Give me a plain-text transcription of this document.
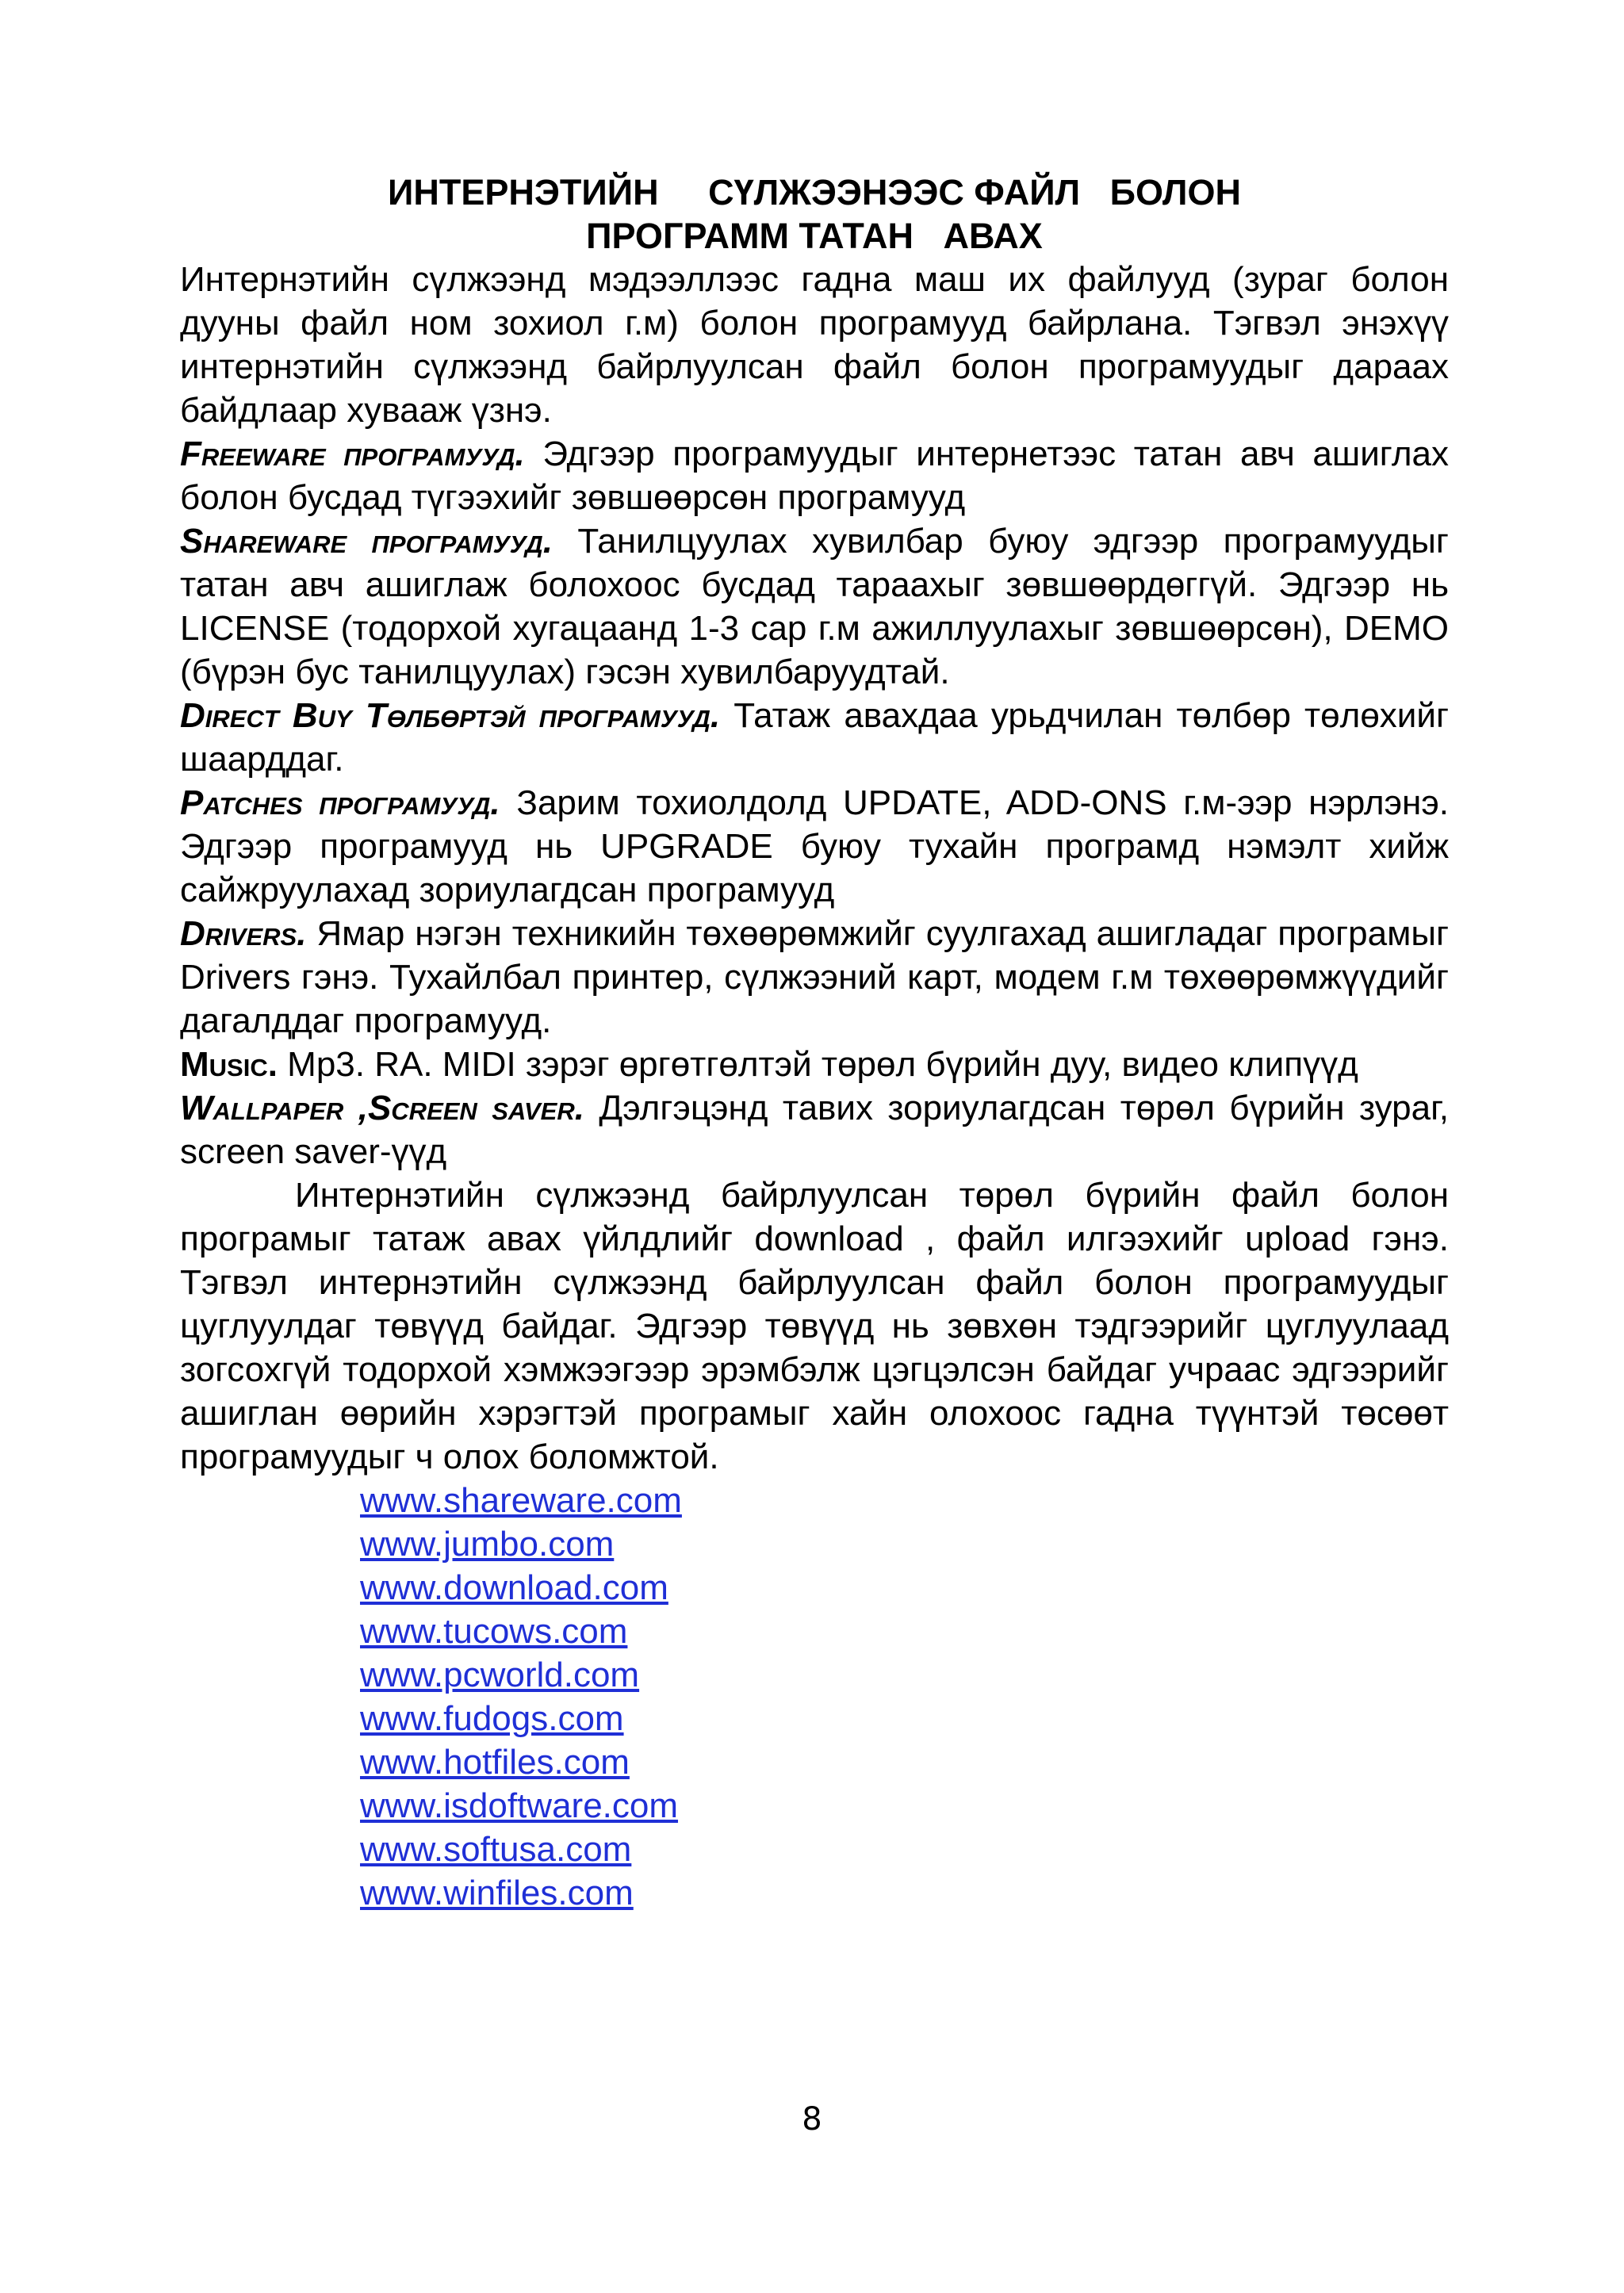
ИНТЕРНЭТИЙН     СҮЛЖЭЭНЭЭС ФАЙЛ   БОЛОН

ПРОГРАММ ТАТАН   АВАХ

Интернэтийн сүлжээнд мэдээллээс гадна маш их файлууд (зураг болон дууны файл ном зохиол г.м) болон програмууд байрлана. Тэгвэл энэхүү интернэтийн сүлжээнд байрлуулсан файл болон програмуудыг дараах байдлаар хувааж үзнэ.

Freeware програмууд. Эдгээр програмуудыг интернетээс татан авч ашиглах болон бусдад түгээхийг зөвшөөрсөн програмууд

Shareware програмууд. Танилцуулах хувилбар буюу эдгээр програмуудыг татан авч ашиглаж болохоос бусдад тараахыг зөвшөөрдөггүй. Эдгээр нь LICENSE (тодорхой хугацаанд 1-3 сар г.м ажиллуулахыг зөвшөөрсөн), DEMO (бүрэн бус танилцуулах) гэсэн хувилбаруудтай.

Direct Buy Төлбөртэй програмууд. Татаж авахдаа урьдчилан төлбөр төлөхийг шаарддаг.

Patches програмууд. Зарим тохиолдолд UPDATE, ADD-ONS г.м-ээр нэрлэнэ. Эдгээр програмууд нь UPGRADE буюу тухайн програмд нэмэлт хийж сайжруулахад зориулагдсан програмууд

Drivers. Ямар нэгэн техникийн төхөөрөмжийг суулгахад ашигладаг програмыг Drivers гэнэ. Тухайлбал принтер, сүлжээний карт, модем г.м төхөөрөмжүүдийг дагалддаг програмууд.

Music. Mp3. RA. MIDI зэрэг өргөтгөлтэй төрөл бүрийн дуу, видео клипүүд

Wallpaper ,Screen saver. Дэлгэцэнд тавих зориулагдсан төрөл бүрийн зураг, screen saver-үүд

Интернэтийн сүлжээнд байрлуулсан төрөл бүрийн файл болон програмыг татаж авах үйлдлийг download , файл илгээхийг upload гэнэ. Тэгвэл интернэтийн сүлжээнд байрлуулсан файл болон програмуудыг цуглуулдаг төвүүд байдаг. Эдгээр төвүүд нь зөвхөн тэдгээрийг цуглуулаад зогсохгүй тодорхой хэмжээгээр эрэмбэлж цэгцэлсэн байдаг учраас эдгээрийг ашиглан өөрийн хэрэгтэй програмыг хайн олохоос гадна түүнтэй төсөөт програмуудыг ч олох боломжтой.

www.shareware.com
www.jumbo.com
www.download.com
www.tucows.com
www.pcworld.com
www.fudogs.com
www.hotfiles.com
www.isdoftware.com
www.softusa.com
www.winfiles.com
8
